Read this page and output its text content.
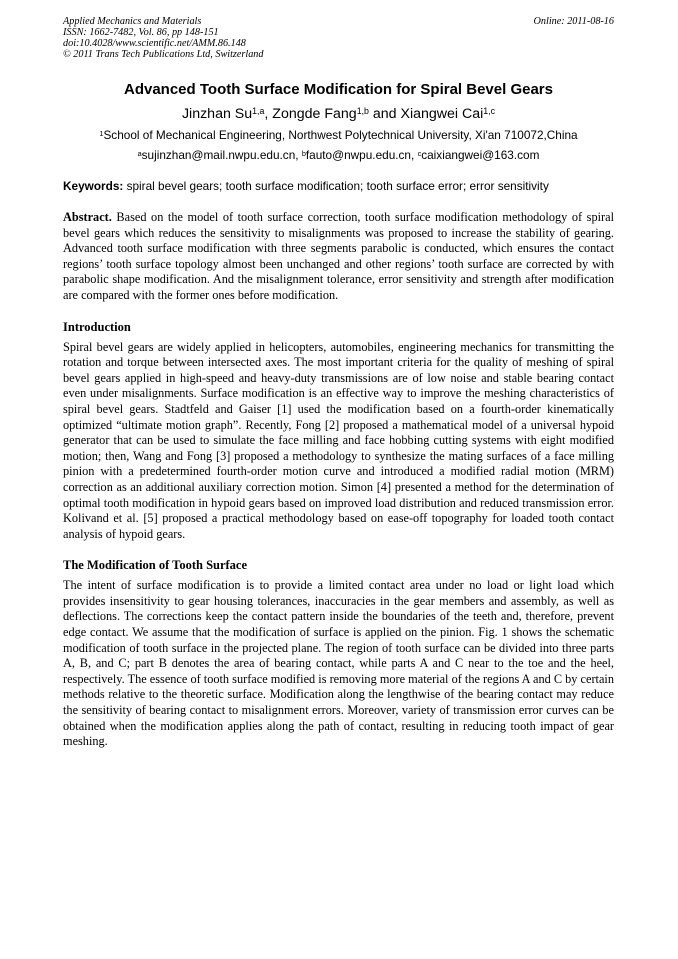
Applied Mechanics and Materials
ISSN: 1662-7482, Vol. 86, pp 148-151
doi:10.4028/www.scientific.net/AMM.86.148
© 2011 Trans Tech Publications Ltd, Switzerland
Online: 2011-08-16
Advanced Tooth Surface Modification for Spiral Bevel Gears
Jinzhan Su$^{1,a}$, Zongde Fang$^{1,b}$ and Xiangwei Cai$^{1,c}$
$^1$School of Mechanical Engineering, Northwest Polytechnical University, Xi'an 710072,China
$^a$sujinzhan@mail.nwpu.edu.cn, $^b$fauto@nwpu.edu.cn, $^c$caixiangwei@163.com
Keywords: spiral bevel gears; tooth surface modification; tooth surface error; error sensitivity

Abstract. Based on the model of tooth surface correction, tooth surface modification methodology of spiral bevel gears which reduces the sensitivity to misalignments was proposed to increase the stability of gearing. Advanced tooth surface modification with three segments parabolic is conducted, which ensures the contact regions’ tooth surface topology almost been unchanged and other regions’ tooth surface are corrected by with parabolic shape modification. And the misalignment tolerance, error sensitivity and strength after modification are compared with the former ones before modification.

Introduction

Spiral bevel gears are widely applied in helicopters, automobiles, engineering mechanics for transmitting the rotation and torque between intersected axes. The most important criteria for the quality of meshing of spiral bevel gears applied in high-speed and heavy-duty transmissions are of low noise and stable bearing contact even under misalignments. Surface modification is an effective way to improve the meshing characteristics of spiral bevel gears. Stadtfeld and Gaiser [1] used the modification based on a fourth-order kinematically optimized “ultimate motion graph”. Recently, Fong [2] proposed a mathematical model of a universal hypoid generator that can be used to simulate the face milling and face hobbing cutting systems with eight modified motion; then, Wang and Fong [3] proposed a methodology to synthesize the mating surfaces of a face milling pinion with a predetermined fourth-order motion curve and introduced a modified radial motion (MRM) correction as an additional auxiliary correction motion. Simon [4] presented a method for the determination of optimal tooth modification in hypoid gears based on improved load distribution and reduced transmission error. Kolivand et al. [5] proposed a practical methodology based on ease-off topography for loaded tooth contact analysis of hypoid gears.

The Modification of Tooth Surface

The intent of surface modification is to provide a limited contact area under no load or light load which provides insensitivity to gear housing tolerances, inaccuracies in the gear members and assembly, as well as deflections. The corrections keep the contact pattern inside the boundaries of the teeth and, therefore, prevent edge contact. We assume that the modification of surface is applied on the pinion. Fig. 1 shows the schematic modification of tooth surface in the projected plane. The region of tooth surface can be divided into three parts A, B, and C; part B denotes the area of bearing contact, while parts A and C near to the toe and the heel, respectively. The essence of tooth surface modified is removing more material of the regions A and C by certain methods relative to the theoretic surface. Modification along the lengthwise of the bearing contact may reduce the sensitivity of bearing contact to misalignment errors. Moreover, variety of transmission error curves can be obtained when the modification applies along the path of contact, resulting in reducing tooth impact of gear meshing.
